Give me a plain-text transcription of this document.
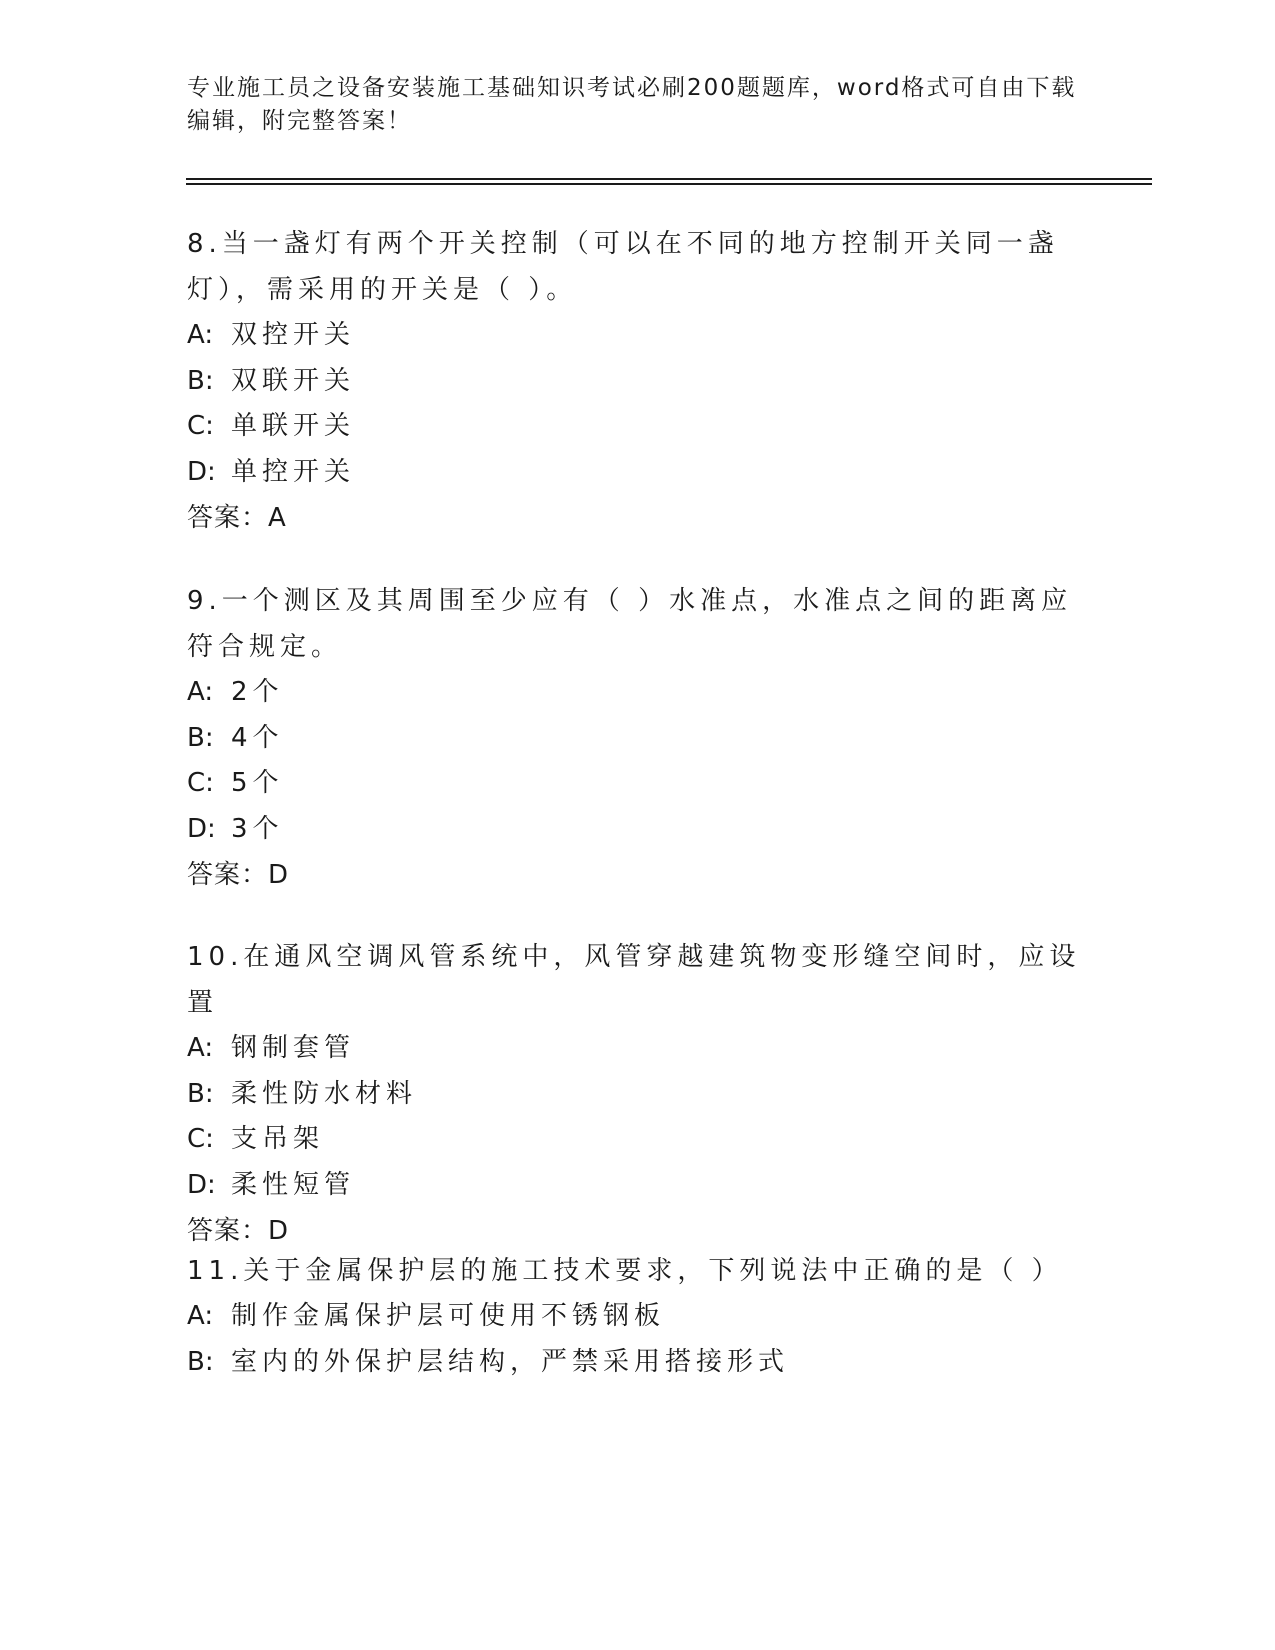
专业施工员之设备安装施工基础知识考试必刷200题题库，word格式可自由下载编辑，附完整答案！
8.当一盏灯有两个开关控制（可以在不同的地方控制开关同一盏灯），需采用的开关是（ ）。
A: 双控开关
B: 双联开关
C: 单联开关
D: 单控开关
答案：A
9.一个测区及其周围至少应有（ ）水准点，水准点之间的距离应符合规定。
A: 2个
B: 4个
C: 5个
D: 3个
答案：D
10.在通风空调风管系统中，风管穿越建筑物变形缝空间时，应设置
A: 钢制套管
B: 柔性防水材料
C: 支吊架
D: 柔性短管
答案：D
11.关于金属保护层的施工技术要求，下列说法中正确的是（ ）
A: 制作金属保护层可使用不锈钢板
B: 室内的外保护层结构，严禁采用搭接形式
